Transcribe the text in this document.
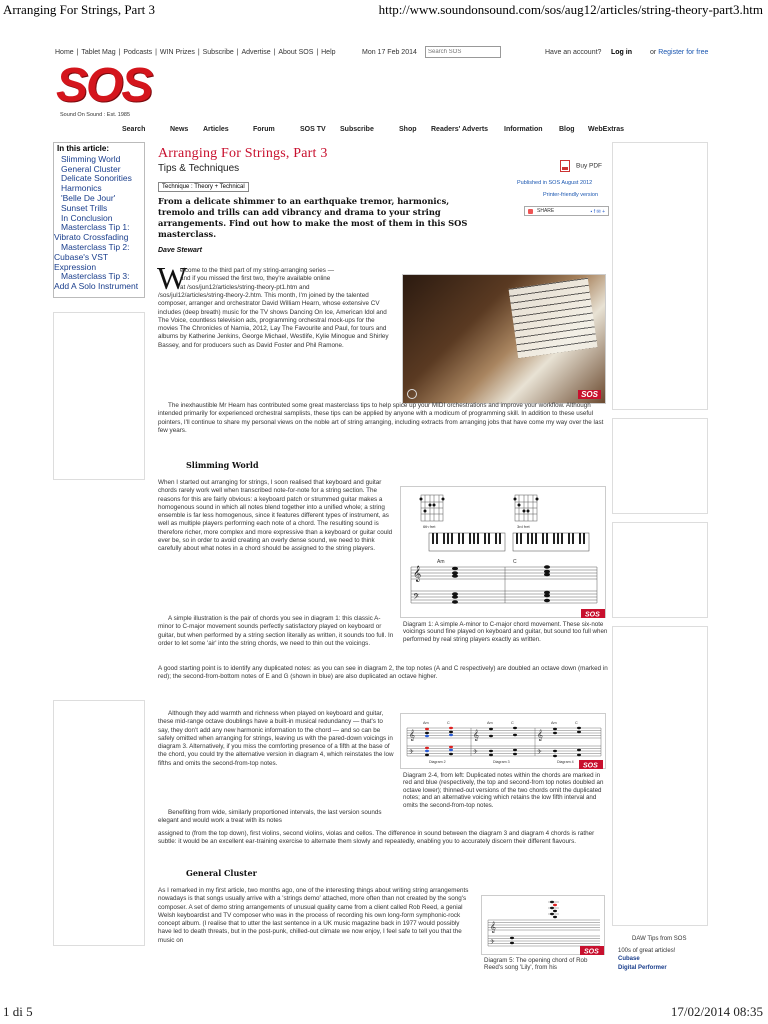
Arranging For Strings, Part 3	http://www.soundonsound.com/sos/aug12/articles/string-theory-part3.htm
Home | Tablet Mag | Podcasts | WIN Prizes | Subscribe | Advertise | About SOS | Help	Mon 17 Feb 2014
Search SOS	Have an account? Log in	or Register for free
SOS
Sound On Sound : Est. 1985
Search	News Articles	Forum	SOS TV Subscribe	Shop Readers' Adverts Information Blog WebExtras
In this article:
Slimming World
General Cluster
Delicate Sonorities
Harmonics
'Belle De Jour'
Sunset Trills
In Conclusion
Masterclass Tip 1:
Vibrato Crossfading
Masterclass Tip 2:
Cubase's VST
Expression
Masterclass Tip 3:
Add A Solo Instrument
Arranging For Strings, Part 3
Tips & Techniques
Technique : Theory + Technical
Buy PDF
Published in SOS August 2012
Printer-friendly version
SHARE	▪ f ✉ +
From a delicate shimmer to an earthquake tremor, harmonics, tremolo and trills can add vibrancy and drama to your string arrangements. Find out how to make the most of them in this SOS masterclass.
Dave Stewart
W
elcome to the third part of my string-arranging series —
and if you missed the first two, they're available online
at /sos/jun12/articles/string-theory-pt1.htm and
/sos/jul12/articles/string-theory-2.htm. This month, I'm joined by the talented composer, arranger and orchestrator David William Hearn, whose extensive CV includes (deep breath) music for the TV shows Dancing On Ice, American Idol and The Voice, countless television ads, programming orchestral mock-ups for the movies The Chronicles of Narnia, 2012, Lay The Favourite and Paul, for tours and albums by Katherine Jenkins, George Michael, Westlife, Kylie Minogue and Shirley Bassey, and for producers such as David Foster and Phil Ramone.
SOS
The inexhaustible Mr Hearn has contributed some great masterclass tips to help spice up your MIDI orchestrations and improve your workflow. Although intended primarily for experienced orchestral samplists, these tips can be applied by anyone with a modicum of programming skill. In addition to these useful pointers, I'll continue to share my personal views on the noble art of string arranging, including extracts from arranging jobs that have come my way over the last few years.
Slimming World
When I started out arranging for strings, I soon realised that keyboard and guitar chords rarely work well when transcribed note-for-note for a string section. The reasons for this are fairly obvious: a keyboard patch or strummed guitar makes a homogenous sound in which all notes blend together into a unified whole; a string ensemble is far less homogenous, since it features different types of instrument, as well as multiple players performing each note of a chord. The resulting sound is therefore richer, more complex and more expressive than a keyboard or guitar could ever be, so in order to avoid creating an overly dense sound, we need to think carefully about what notes in a chord should be assigned to the string players.
6th fret	3rd fret
𝄞
𝄢
Am	C
SOS
Diagram 1: A simple A-minor to C-major chord movement. These six-note voicings sound fine played on keyboard and guitar, but sound too full when performed by real string players exactly as written.
A simple illustration is the pair of chords you see in diagram 1: this classic A-minor to C-major movement sounds perfectly satisfactory played on keyboard or guitar, but when performed by a string section literally as written, it sounds too full. In order to let some 'air' into the string chords, we need to thin out the voicings.
A good starting point is to identify any duplicated notes: as you can see in diagram 2, the top notes (A and C respectively) are doubled an octave down (marked in red); the second-from-bottom notes of E and G (shown in blue) are also duplicated an octave higher.
Although they add warmth and richness when played on keyboard and guitar, these mid-range octave doublings have a built-in musical redundancy — that's to say, they don't add any new harmonic information to the chord — and so can be safely omitted when arranging for strings, leaving us with the pared-down voicings in diagram 3. Alternatively, if you miss the comforting presence of a fifth at the base of the chord, you could try the alternative version in diagram 4, which reinstates the low fifths and omits the second-from-top notes.
𝄞	𝄞	𝄞
𝄢	𝄢	𝄢
Am	C	Am	C	Am	C
Diagram 2	Diagram 3	Diagram 4
SOS
Diagram 2-4, from left: Duplicated notes within the chords are marked in red and blue (respectively, the top and second-from top notes doubled an octave lower); thinned-out versions of the two chords omit the duplicated notes; and an alternative voicing which retains the low fifth interval and omits the second-from-top notes.
Benefiting from wide, similarly proportioned intervals, the last version sounds elegant and would work a treat with its notes
assigned to (from the top down), first violins, second violins, violas and cellos. The difference in sound between the diagram 3 and diagram 4 chords is rather subtle: it would be an excellent ear-training exercise to alternate them slowly and repeatedly, enabling you to accurately discern their different flavours.
General Cluster
As I remarked in my first article, two months ago, one of the interesting things about writing string arrangements nowadays is that songs usually arrive with a 'strings demo' attached, more often than not created by the song's composer. A set of demo string arrangements of unusual quality came from a client called Rob Reed, a genial Welsh keyboardist and TV composer who was in the process of recording his own long-form symphonic-rock concept album. (I realise that to utter the last sentence in a UK music magazine back in 1977 would possibly have led to death threats, but in the post-punk, chilled-out climate we now enjoy, I feel safe to tell you that the music on
𝄞
𝄢
SOS
Diagram 5: The opening chord of Rob Reed's song 'Lily', from his
DAW Tips from SOS
100s of great articles!
Cubase
Digital Performer
1 di 5	17/02/2014 08:35
